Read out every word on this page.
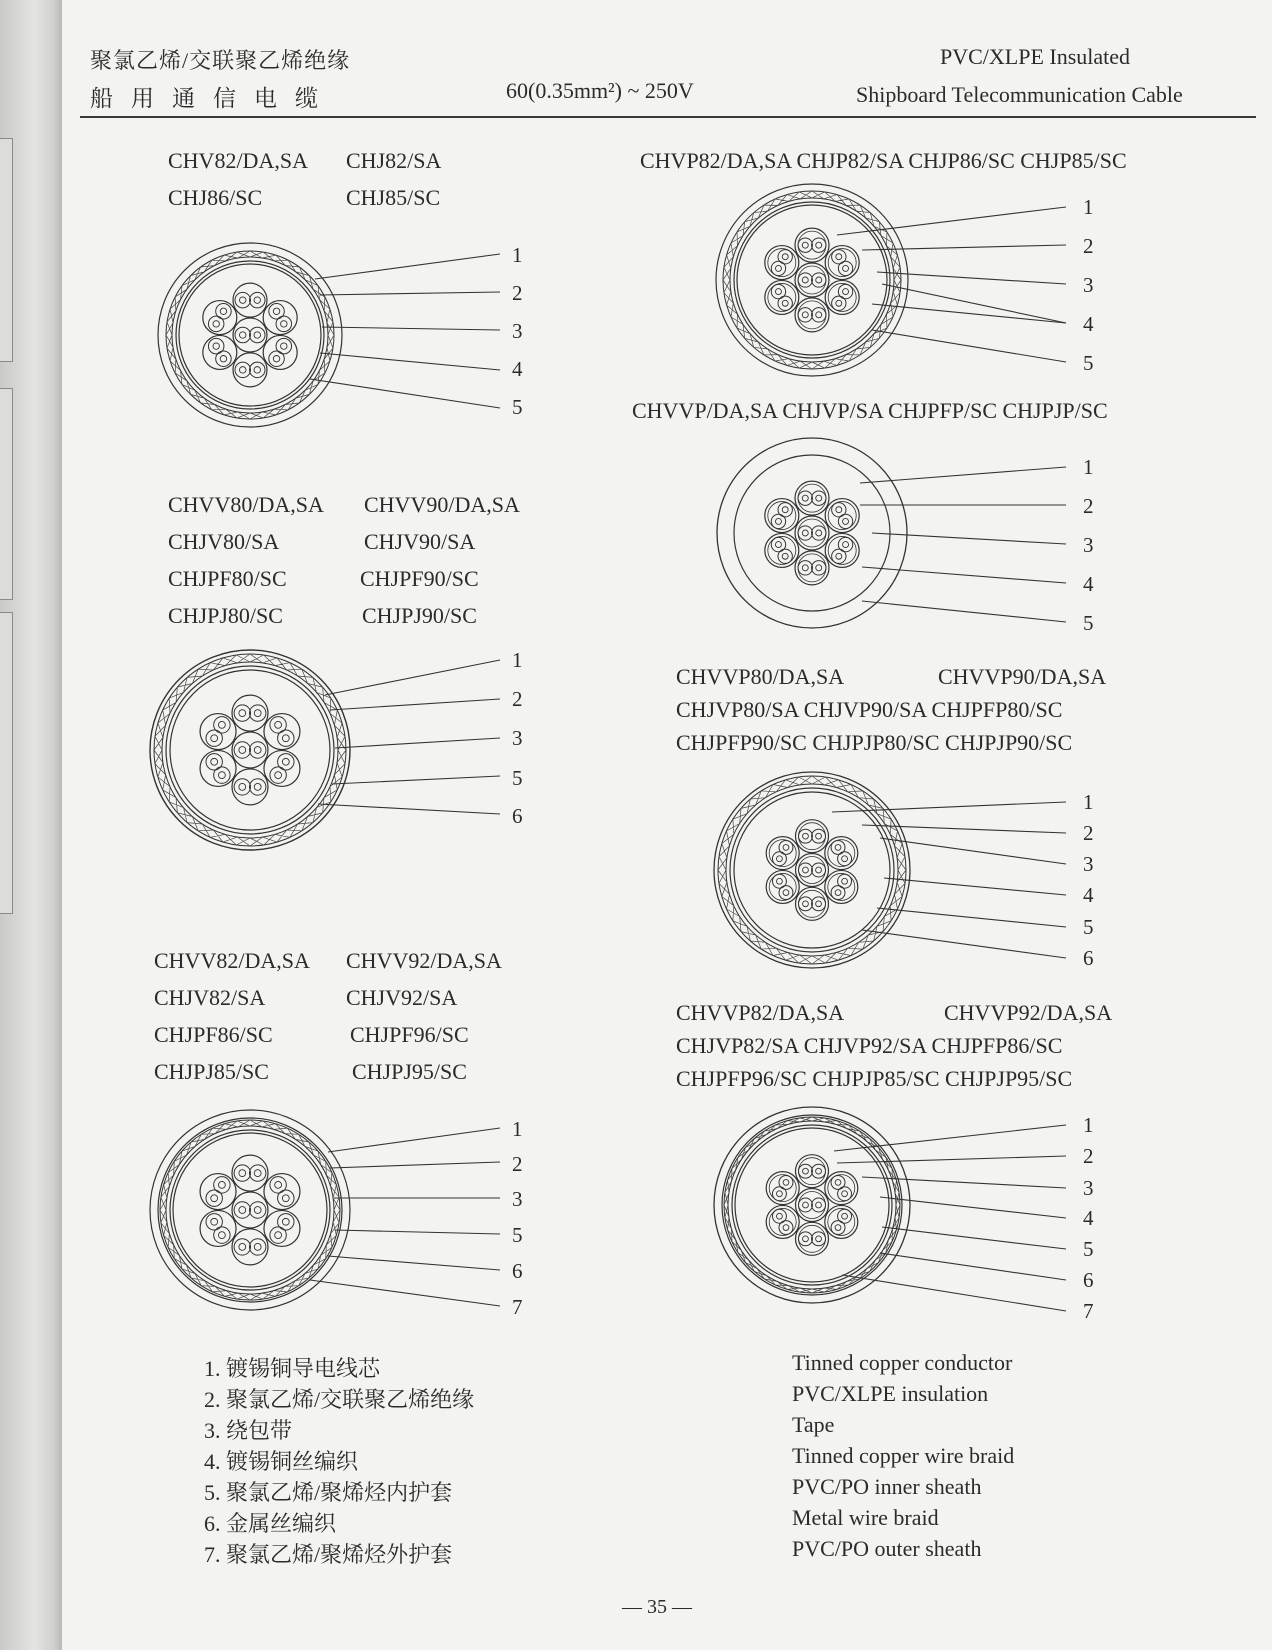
聚氯乙烯/交联聚乙烯绝缘
船用通信电缆	60(0.35mm²) ~ 250V
PVC/XLPE Insulated
Shipboard Telecommunication Cable
CHV82/DA,SA CHJ82/SA
CHJ86/SC	CHJ85/SC
CHVV80/DA,SA CHVV90/DA,SA
CHJV80/SA	CHJV90/SA
CHJPF80/SC	CHJPF90/SC
CHJPJ80/SC	CHJPJ90/SC
CHVV82/DA,SA CHVV92/DA,SA
CHJV82/SA	CHJV92/SA
CHJPF86/SC	CHJPF96/SC
CHJPJ85/SC	CHJPJ95/SC
CHVP82/DA,SA CHJP82/SA CHJP86/SC CHJP85/SC
CHVVP/DA,SA CHJVP/SA CHJPFP/SC CHJPJP/SC
CHVVP80/DA,SA	CHVVP90/DA,SA
CHJVP80/SA CHJVP90/SA CHJPFP80/SC
CHJPFP90/SC CHJPJP80/SC CHJPJP90/SC
CHVVP82/DA,SA	CHVVP92/DA,SA
CHJVP82/SA CHJVP92/SA CHJPFP86/SC
CHJPFP96/SC CHJPJP85/SC CHJPJP95/SC
1. 镀锡铜导电线芯
2. 聚氯乙烯/交联聚乙烯绝缘
3. 绕包带
4. 镀锡铜丝编织
5. 聚氯乙烯/聚烯烃内护套
6. 金属丝编织
7. 聚氯乙烯/聚烯烃外护套
Tinned copper conductor
PVC/XLPE insulation
Tape
Tinned copper wire braid
PVC/PO inner sheath
Metal wire braid
PVC/PO outer sheath
— 35 —
1
2
3
4
5
1
2
3
5
6
1
2
3
5
6
7
1
2
3
4
5
1
2
3
4
5
1
2
3
4
5
6
1
2
3
4
5
6
7
